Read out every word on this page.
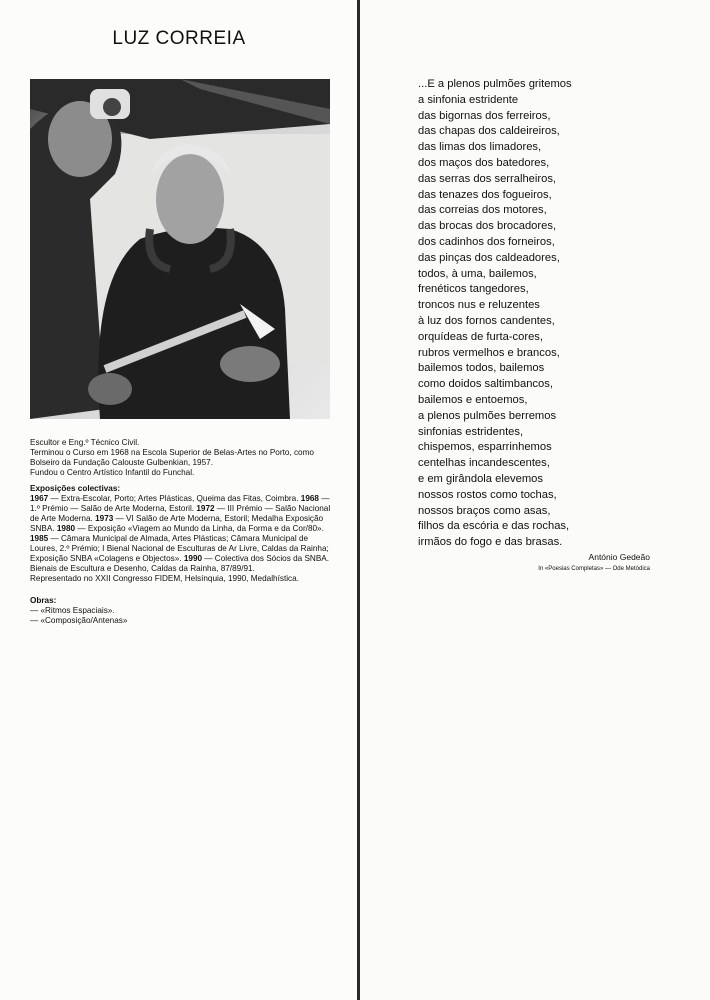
LUZ CORREIA

Escultor e Eng.º Técnico Civil.

Terminou o Curso em 1968 na Escola Superior de Belas-Artes no Porto, como Bolseiro da Fundação Calouste Gulbenkian, 1957.

Fundou o Centro Artístico Infantil do Funchal.

Exposições colectivas:

1967 — Extra-Escolar, Porto; Artes Plásticas, Queima das Fitas, Coimbra. 1968 — 1.º Prémio — Salão de Arte Moderna, Estoril. 1972 — III Prémio — Salão Nacional de Arte Moderna. 1973 — VI Salão de Arte Moderna, Estoril; Medalha Exposição SNBA. 1980 — Exposição «Viagem ao Mundo da Linha, da Forma e da Cor/80». 1985 — Câmara Municipal de Almada, Artes Plásticas; Câmara Municipal de Loures, 2.º Prémio; I Bienal Nacional de Esculturas de Ar Livre, Caldas da Rainha; Exposição SNBA «Colagens e Objectos». 1990 — Colectiva dos Sócios da SNBA.

Bienais de Escultura e Desenho, Caldas da Rainha, 87/89/91.

Representado no XXII Congresso FIDEM, Helsínquia, 1990, Medalhística.

Obras:

— «Ritmos Espaciais».

— «Composição/Antenas»

...E a plenos pulmões gritemos
a sinfonia estridente
das bigornas dos ferreiros,
das chapas dos caldeireiros,
das limas dos limadores,
dos maços dos batedores,
das serras dos serralheiros,
das tenazes dos fogueiros,
das correias dos motores,
das brocas dos brocadores,
dos cadinhos dos forneiros,
das pinças dos caldeadores,
todos, à uma, bailemos,
frenéticos tangedores,
troncos nus e reluzentes
à luz dos fornos candentes,
orquídeas de furta-cores,
rubros vermelhos e brancos,
bailemos todos, bailemos
como doidos saltimbancos,
bailemos e entoemos,
a plenos pulmões berremos
sinfonias estridentes,
chispemos, esparrinhemos
centelhas incandescentes,
e em girândola elevemos
nossos rostos como tochas,
nossos braços como asas,
filhos da escória e das rochas,
irmãos do fogo e das brasas.
António Gedeão
In «Poesias Completas» — Ode Metódica
